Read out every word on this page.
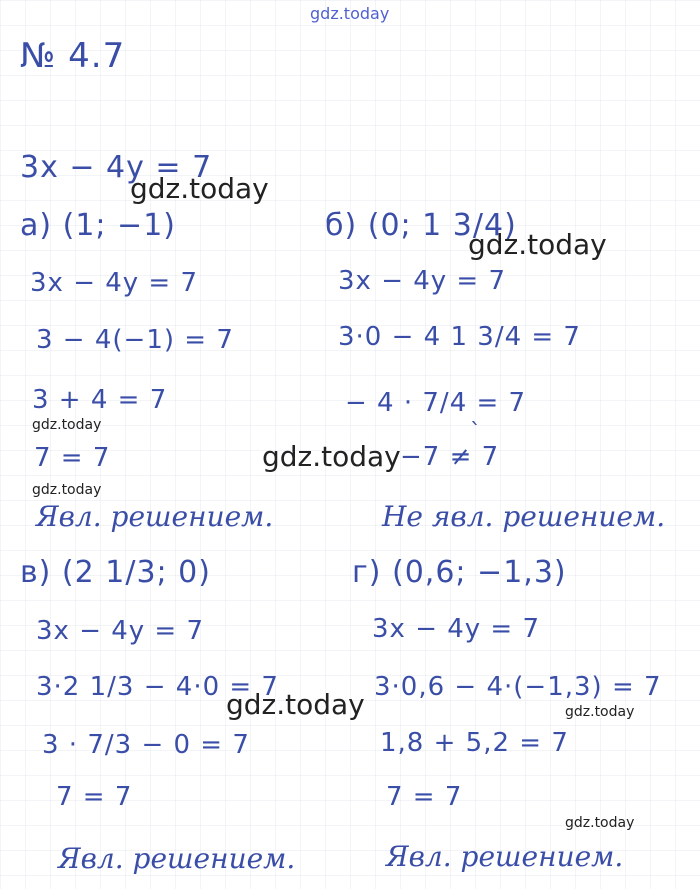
gdz.today
№ 4.7
3x − 4y = 7
gdz.today
а) (1; −1)
3x − 4y = 7
3 − 4(−1) = 7
3 + 4 = 7
gdz.today
7 = 7
gdz.today
Явл. решением.
б) (0; 1 3/4)
gdz.today
3x − 4y = 7
3·0 − 4 1 3/4 = 7
− 4 · 7/4 = 7
`
−7 ≠ 7
gdz.today
Не явл. решением.
в) (2 1/3; 0)
3x − 4y = 7
3·2 1/3 − 4·0 = 7
gdz.today
3 · 7/3 − 0 = 7
7 = 7
Явл. решением.
г) (0,6; −1,3)
3x − 4y = 7
3·0,6 − 4·(−1,3) = 7
gdz.today
1,8 + 5,2 = 7
7 = 7
gdz.today
Явл. решением.
